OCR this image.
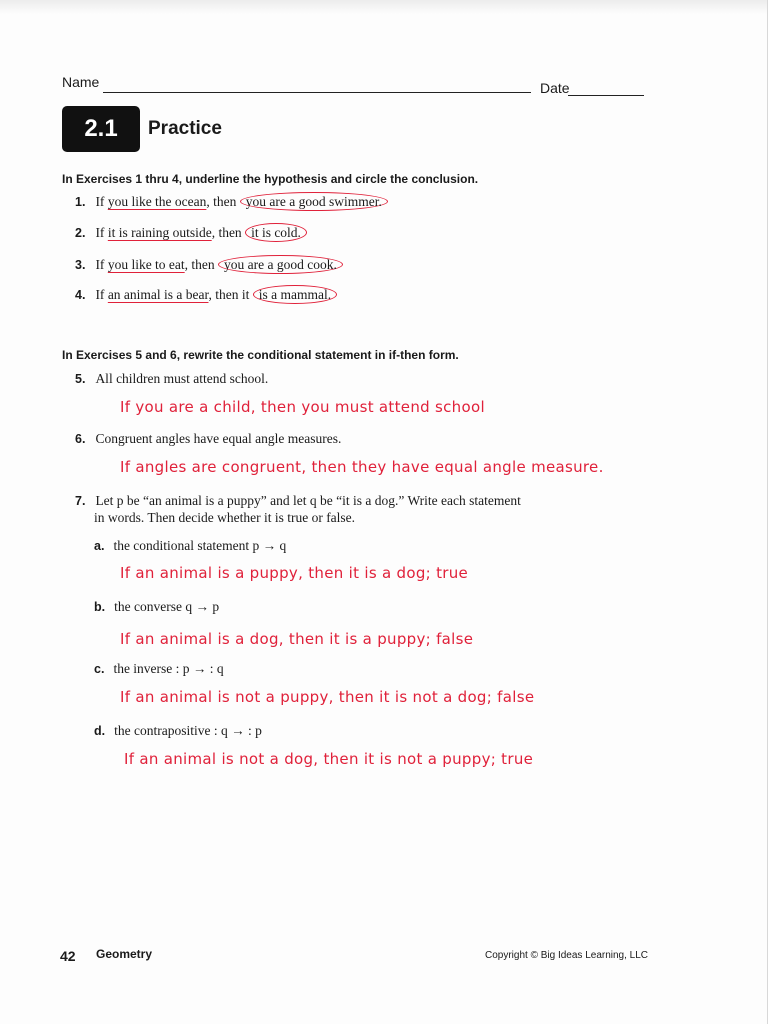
Name	Date
2.1 Practice
In Exercises 1 thru 4, underline the hypothesis and circle the conclusion.
1. If you like the ocean, then you are a good swimmer.
2. If it is raining outside, then it is cold.
3. If you like to eat, then you are a good cook.
4. If an animal is a bear, then it is a mammal.
In Exercises 5 and 6, rewrite the conditional statement in if-then form.
5. All children must attend school.
If you are a child, then you must attend school
6. Congruent angles have equal angle measures.
If angles are congruent, then they have equal angle measure.
7. Let p be “an animal is a puppy” and let q be “it is a dog.” Write each statement
in words. Then decide whether it is true or false.
a. the conditional statement p → q
If an animal is a puppy, then it is a dog; true
b. the converse q → p
If an animal is a dog, then it is a puppy; false
c. the inverse : p → : q
If an animal is not a puppy, then it is not a dog; false
d. the contrapositive : q → : p
If an animal is not a dog, then it is not a puppy; true
42 Geometry	Copyright © Big Ideas Learning, LLC
